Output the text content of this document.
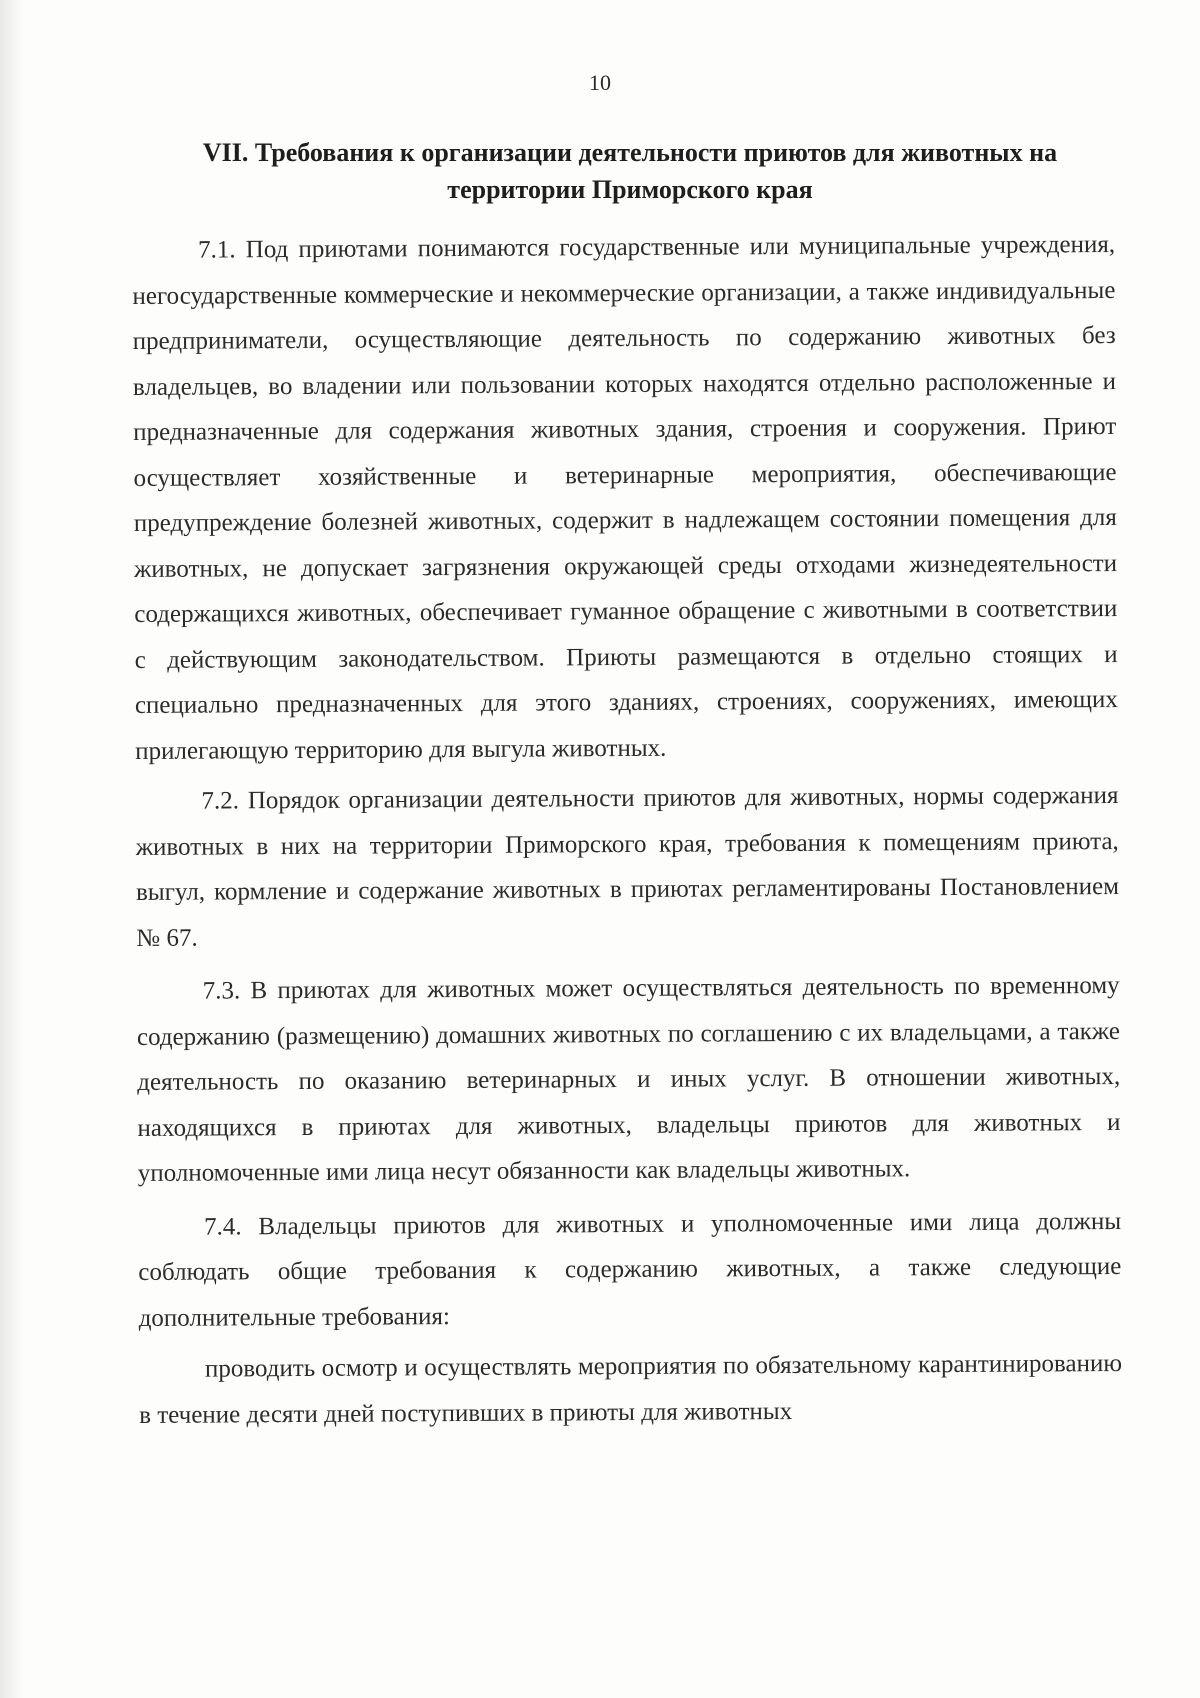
10
VII. Требования к организации деятельности приютов для животных на
территории Приморского края

7.1. Под приютами понимаются государственные или муниципальные учреждения, негосударственные коммерческие и некоммерческие организации, а также индивидуальные предприниматели, осуществляющие деятельность по содержанию животных без владельцев, во владении или пользовании которых находятся отдельно расположенные и предназначенные для содержания животных здания, строения и сооружения. Приют осуществляет хозяйственные и ветеринарные мероприятия, обеспечивающие предупреждение болезней животных, содержит в надлежащем состоянии помещения для животных, не допускает загрязнения окружающей среды отходами жизнедеятельности содержащихся животных, обеспечивает гуманное обращение с животными в соответствии с действующим законодательством. Приюты размещаются в отдельно стоящих и специально предназначенных для этого зданиях, строениях, сооружениях, имеющих прилегающую территорию для выгула животных.

7.2. Порядок организации деятельности приютов для животных, нормы содержания животных в них на территории Приморского края, требования к помещениям приюта, выгул, кормление и содержание животных в приютах регламентированы Постановлением № 67.

7.3. В приютах для животных может осуществляться деятельность по временному содержанию (размещению) домашних животных по соглашению с их владельцами, а также деятельность по оказанию ветеринарных и иных услуг. В отношении животных, находящихся в приютах для животных, владельцы приютов для животных и уполномоченные ими лица несут обязанности как владельцы животных.

7.4. Владельцы приютов для животных и уполномоченные ими лица должны соблюдать общие требования к содержанию животных, а также следующие дополнительные требования:

проводить осмотр и осуществлять мероприятия по обязательному карантинированию в течение десяти дней поступивших в приюты для животных
